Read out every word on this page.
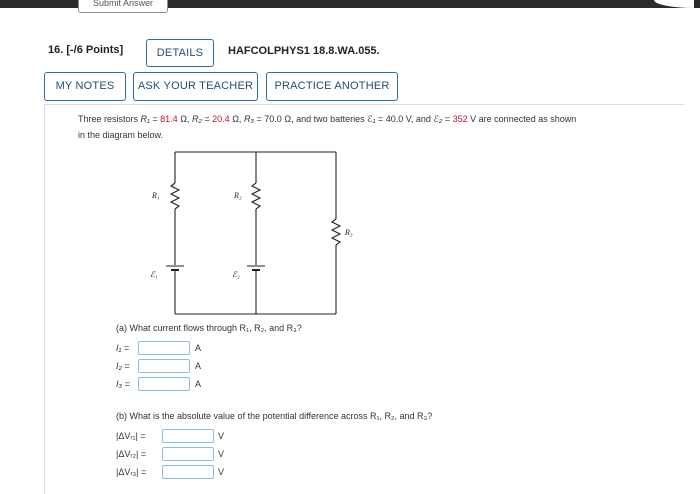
Submit Answer
16. [-/6 Points]	DETAILS	HAFCOLPHYS1 18.8.WA.055.
MY NOTES	ASK YOUR TEACHER	PRACTICE ANOTHER
Three resistors R₁ = 81.4 Ω, R₂ = 20.4 Ω, R₃ = 70.0 Ω, and two batteries ℰ₁ = 40.0 V, and ℰ₂ = 352 V are connected as shown
in the diagram below.
R₁	R₂
R₃
ℰ₁	ℰ₂
(a) What current flows through R₁, R₂, and R₃?
I₁ =	A
I₂ =	A
I₃ =	A
(b) What is the absolute value of the potential difference across R₁, R₂, and R₃?
|ΔVᵣ₁| =	V
|ΔVᵣ₂| =	V
|ΔVᵣ₃| =	V
